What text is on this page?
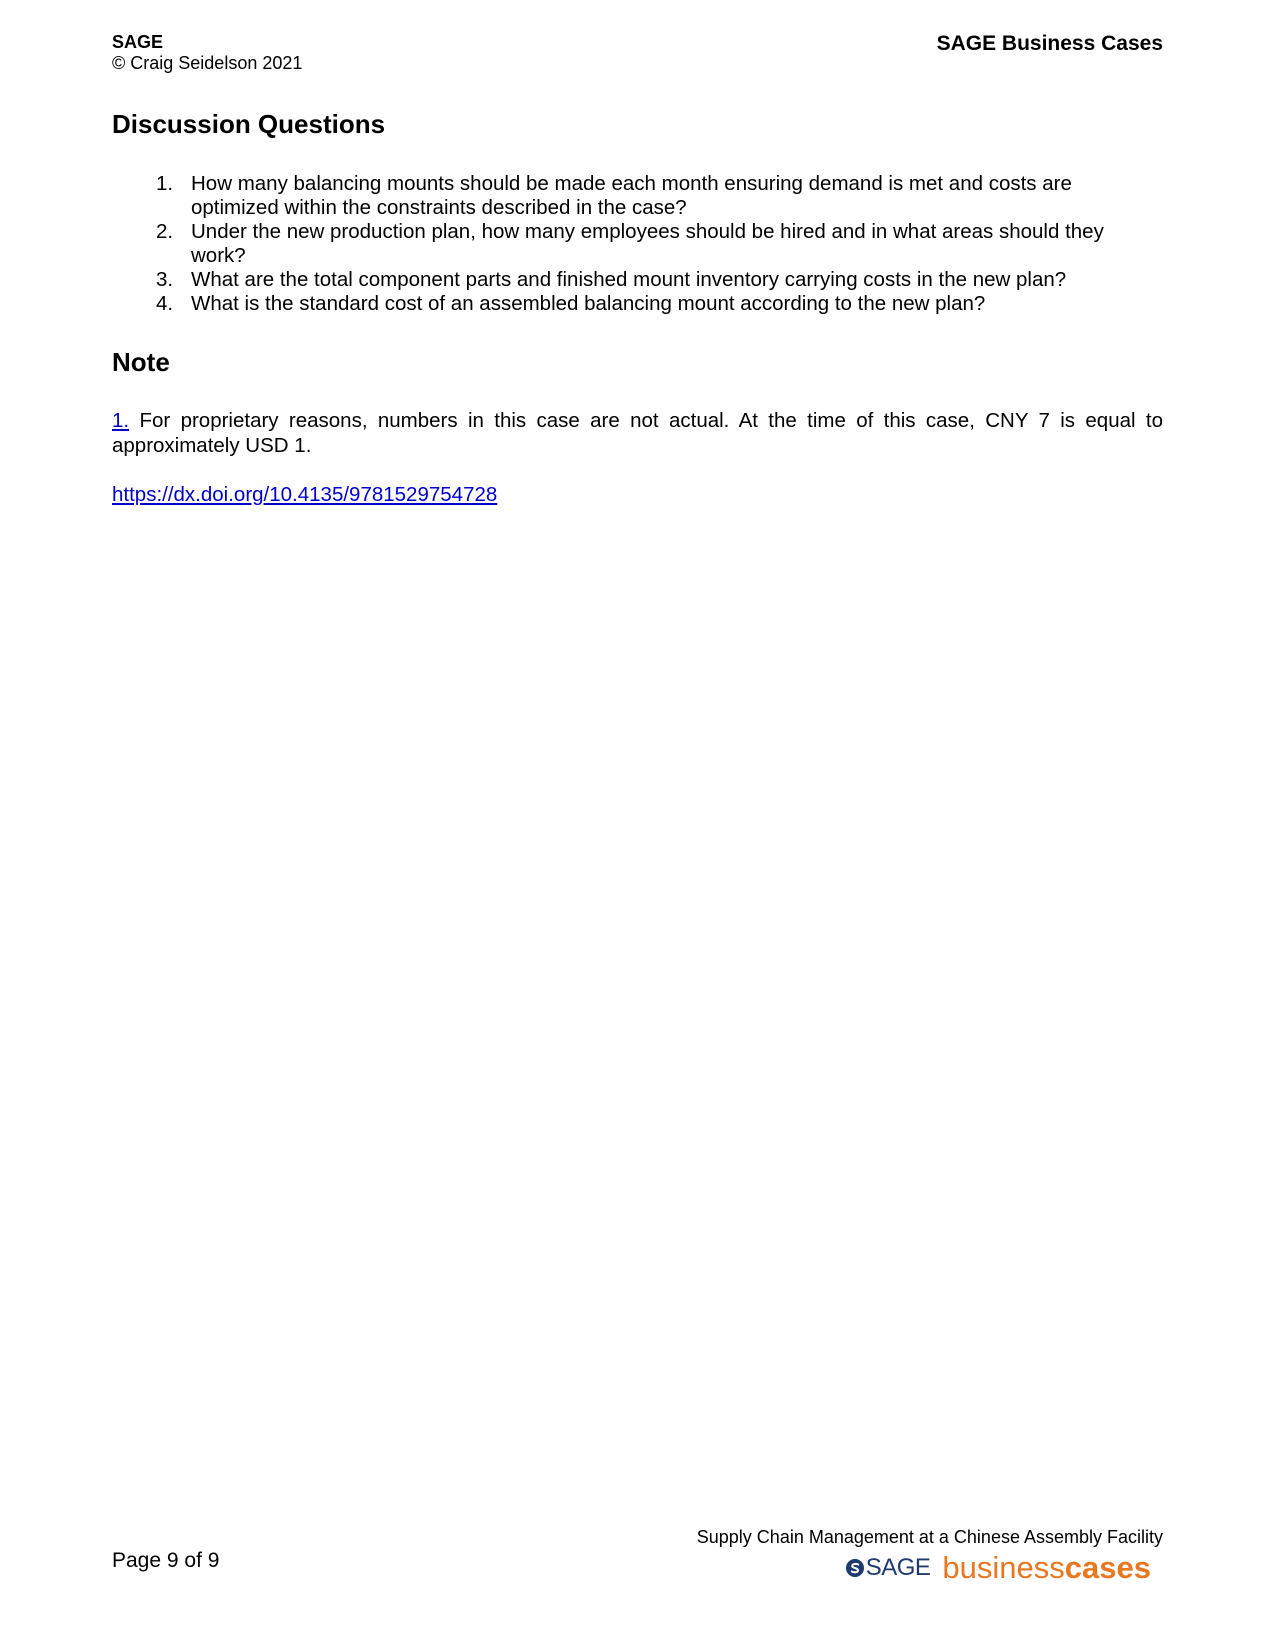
SAGE
© Craig Seidelson 2021
SAGE Business Cases
Discussion Questions
1. How many balancing mounts should be made each month ensuring demand is met and costs are optimized within the constraints described in the case?
2. Under the new production plan, how many employees should be hired and in what areas should they work?
3. What are the total component parts and finished mount inventory carrying costs in the new plan?
4. What is the standard cost of an assembled balancing mount according to the new plan?
Note

1. For proprietary reasons, numbers in this case are not actual. At the time of this case, CNY 7 is equal to approximately USD 1.

https://dx.doi.org/10.4135/9781529754728
Page 9 of 9
Supply Chain Management at a Chinese Assembly Facility
SAGE business cases
